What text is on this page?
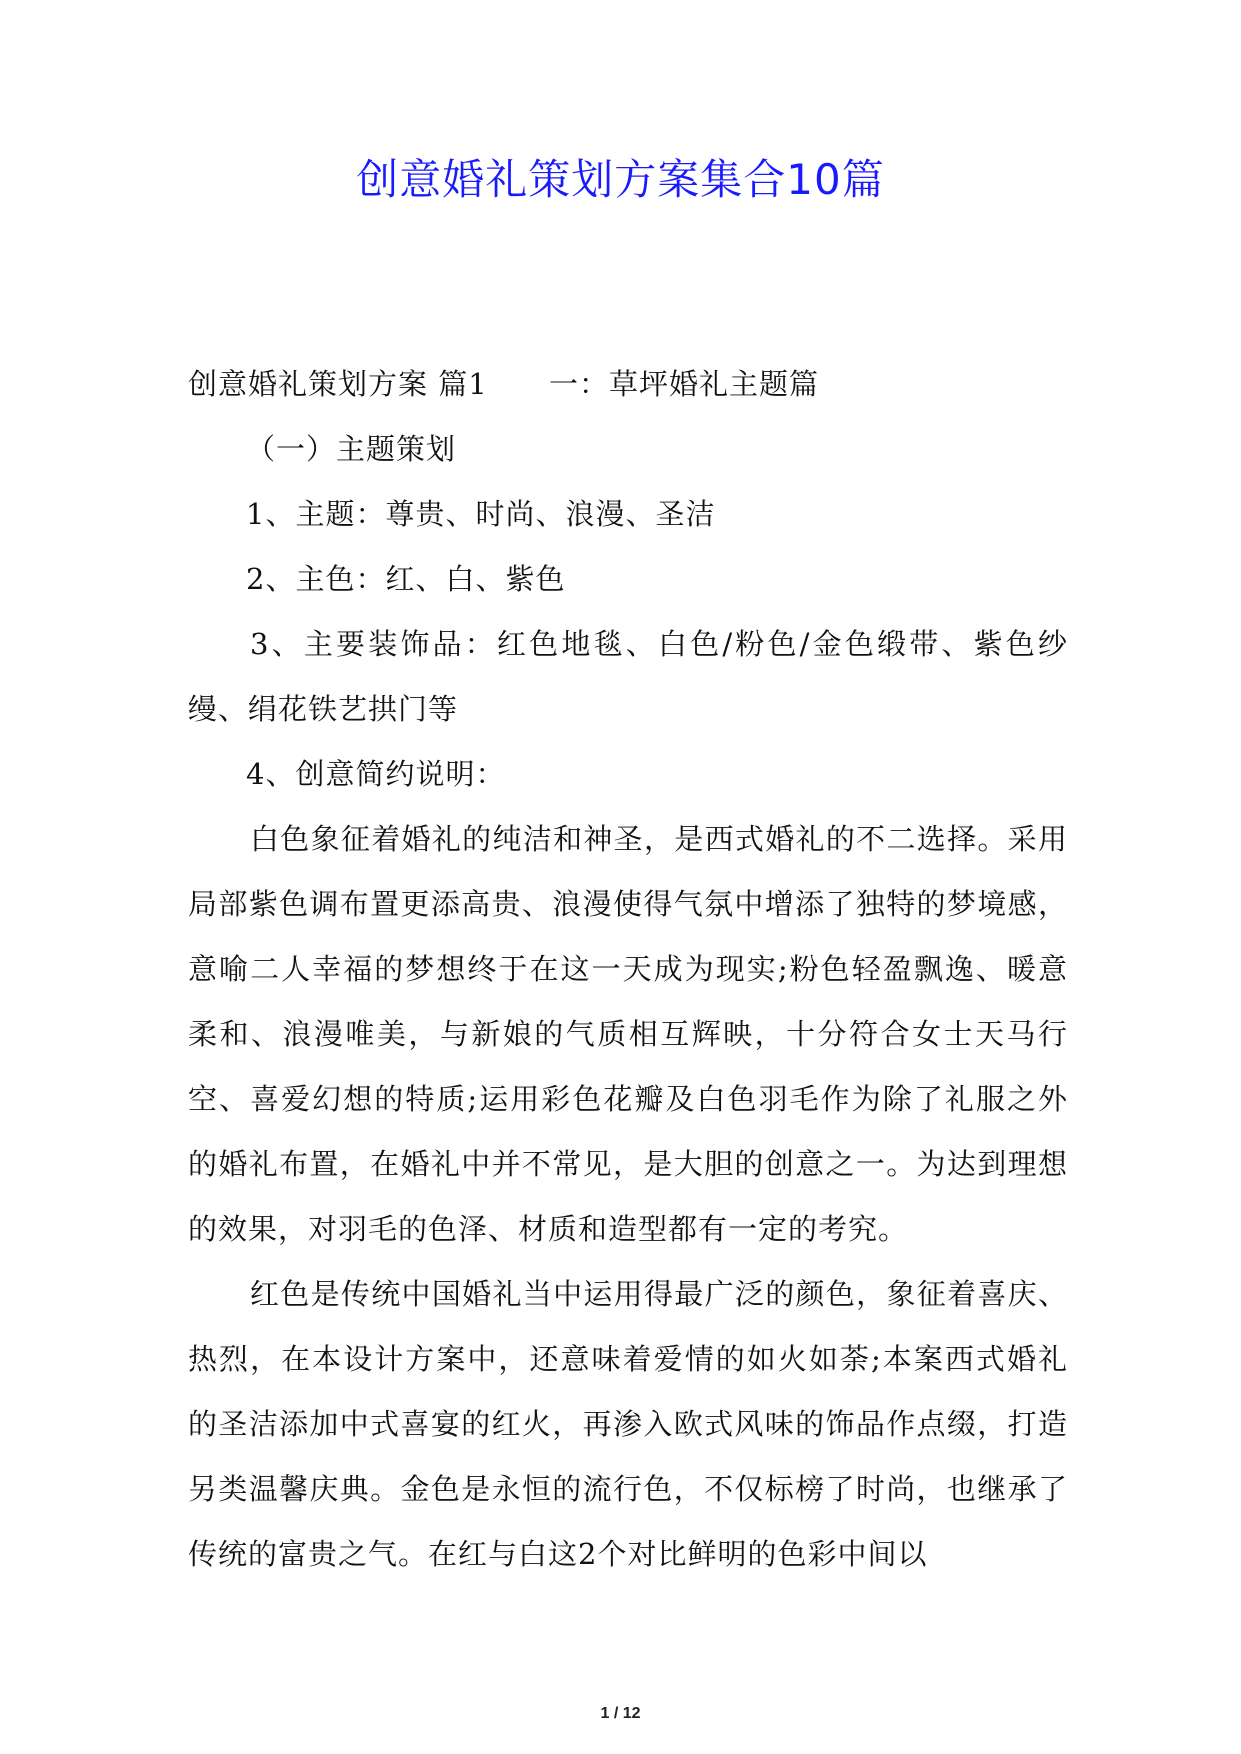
创意婚礼策划方案集合10篇

创意婚礼策划方案 篇1      一：草坪婚礼主题篇

（一）主题策划

1、主题：尊贵、时尚、浪漫、圣洁

2、主色：红、白、紫色

3、主要装饰品：红色地毯、白色/粉色/金色缎带、紫色纱缦、绢花铁艺拱门等

4、创意简约说明：

白色象征着婚礼的纯洁和神圣，是西式婚礼的不二选择。采用局部紫色调布置更添高贵、浪漫使得气氛中增添了独特的梦境感，意喻二人幸福的梦想终于在这一天成为现实;粉色轻盈飘逸、暖意柔和、浪漫唯美，与新娘的气质相互辉映，十分符合女士天马行空、喜爱幻想的特质;运用彩色花瓣及白色羽毛作为除了礼服之外的婚礼布置，在婚礼中并不常见，是大胆的创意之一。为达到理想的效果，对羽毛的色泽、材质和造型都有一定的考究。

红色是传统中国婚礼当中运用得最广泛的颜色，象征着喜庆、热烈，在本设计方案中，还意味着爱情的如火如荼;本案西式婚礼的圣洁添加中式喜宴的红火，再渗入欧式风味的饰品作点缀，打造另类温馨庆典。金色是永恒的流行色，不仅标榜了时尚，也继承了传统的富贵之气。在红与白这2个对比鲜明的色彩中间以

1 / 12
